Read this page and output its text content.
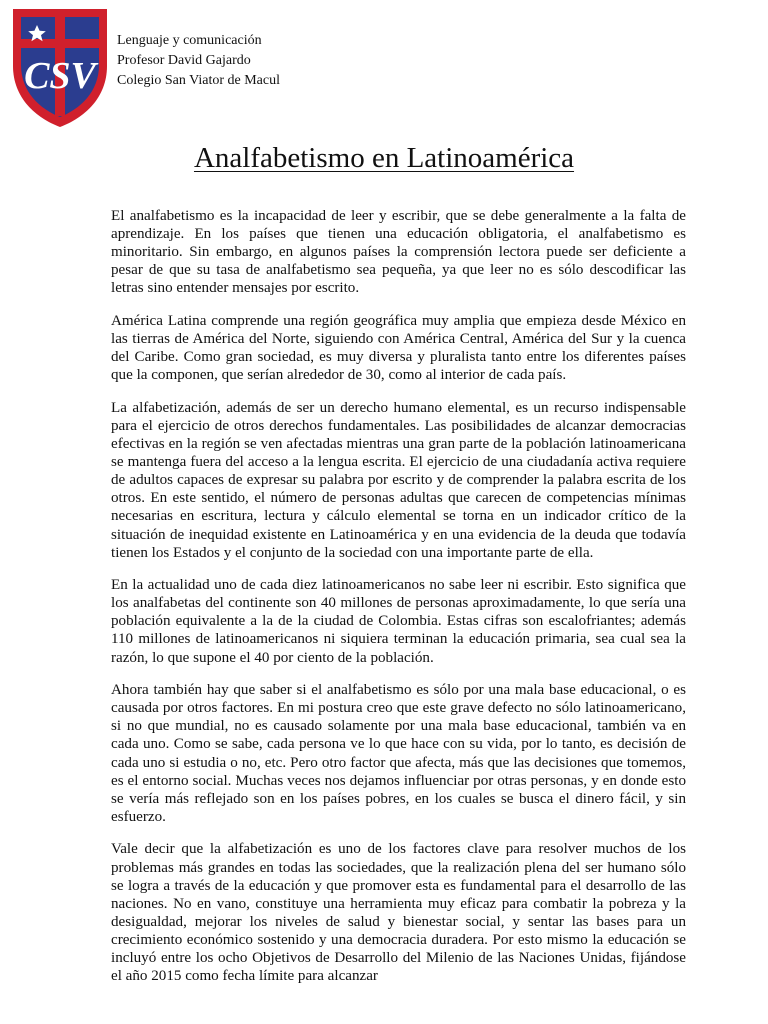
CSV
Lenguaje y comunicación
Profesor David Gajardo
Colegio San Viator de Macul
Analfabetismo en Latinoamérica

El analfabetismo es la incapacidad de leer y escribir, que se debe generalmente a la falta de aprendizaje. En los países que tienen una educación obligatoria, el analfabetismo es minoritario. Sin embargo, en algunos países la comprensión lectora puede ser deficiente a pesar de que su tasa de analfabetismo sea pequeña, ya que leer no es sólo descodificar las letras sino entender mensajes por escrito.

América Latina comprende una región geográfica muy amplia que empieza desde México en las tierras de América del Norte, siguiendo con América Central, América del Sur y la cuenca del Caribe. Como gran sociedad, es muy diversa y pluralista tanto entre los diferentes países que la componen, que serían alrededor de 30, como al interior de cada país.

La alfabetización, además de ser un derecho humano elemental, es un recurso indispensable para el ejercicio de otros derechos fundamentales. Las posibilidades de alcanzar democracias efectivas en la región se ven afectadas mientras una gran parte de la población latinoamericana se mantenga fuera del acceso a la lengua escrita. El ejercicio de una ciudadanía activa requiere de adultos capaces de expresar su palabra por escrito y de comprender la palabra escrita de los otros. En este sentido, el número de personas adultas que carecen de competencias mínimas necesarias en escritura, lectura y cálculo elemental se torna en un indicador crítico de la situación de inequidad existente en Latinoamérica y en una evidencia de la deuda que todavía tienen los Estados y el conjunto de la sociedad con una importante parte de ella.

En la actualidad uno de cada diez latinoamericanos no sabe leer ni escribir. Esto significa que los analfabetas del continente son 40 millones de personas aproximadamente, lo que sería una población equivalente a la de la ciudad de Colombia. Estas cifras son escalofriantes; además 110 millones de latinoamericanos ni siquiera terminan la educación primaria, sea cual sea la razón, lo que supone el 40 por ciento de la población.

Ahora también hay que saber si el analfabetismo es sólo por una mala base educacional, o es causada por otros factores. En mi postura creo que este grave defecto no sólo latinoamericano, si no que mundial, no es causado solamente por una mala base educacional, también va en cada uno. Como se sabe, cada persona ve lo que hace con su vida, por lo tanto, es decisión de cada uno si estudia o no, etc. Pero otro factor que afecta, más que las decisiones que tomemos, es el entorno social. Muchas veces nos dejamos influenciar por otras personas, y en donde esto se vería más reflejado son en los países pobres, en los cuales se busca el dinero fácil, y sin esfuerzo.

Vale decir que la alfabetización es uno de los factores clave para resolver muchos de los problemas más grandes en todas las sociedades, que la realización plena del ser humano sólo se logra a través de la educación y que promover esta es fundamental para el desarrollo de las naciones. No en vano, constituye una herramienta muy eficaz para combatir la pobreza y la desigualdad, mejorar los niveles de salud y bienestar social, y sentar las bases para un crecimiento económico sostenido y una democracia duradera. Por esto mismo la educación se incluyó entre los ocho Objetivos de Desarrollo del Milenio de las Naciones Unidas, fijándose el año 2015 como fecha límite para alcanzar
